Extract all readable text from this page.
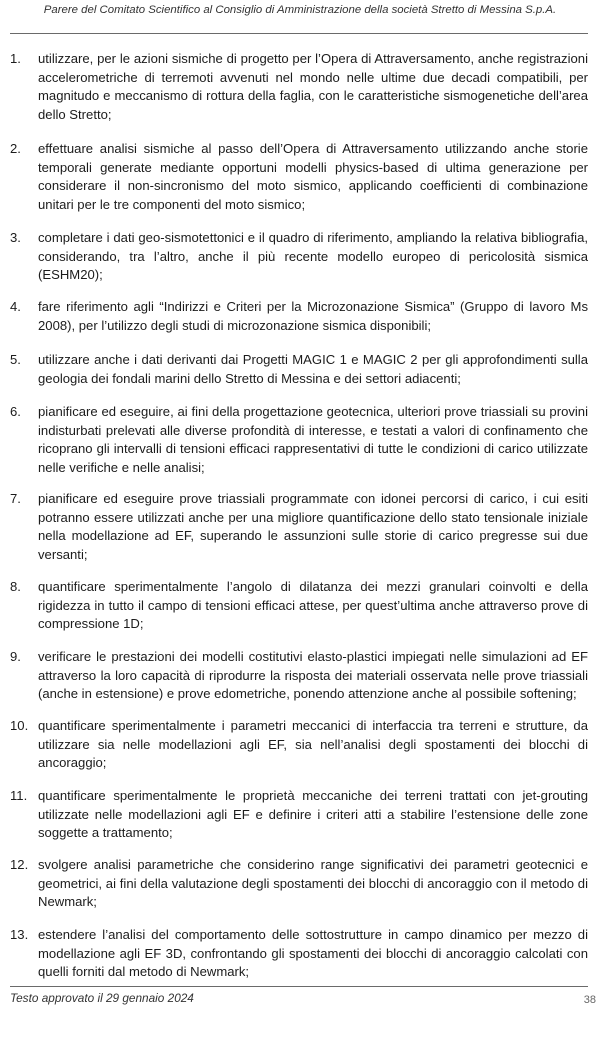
Parere del Comitato Scientifico al Consiglio di Amministrazione della società Stretto di Messina S.p.A.
1.	utilizzare, per le azioni sismiche di progetto per l’Opera di Attraversamento, anche registrazioni accelerometriche di terremoti avvenuti nel mondo nelle ultime due decadi compatibili, per magnitudo e meccanismo di rottura della faglia, con le caratteristiche sismogenetiche dell’area dello Stretto;
2.	effettuare analisi sismiche al passo dell’Opera di Attraversamento utilizzando anche storie temporali generate mediante opportuni modelli physics-based di ultima generazione per considerare il non-sincronismo del moto sismico, applicando coefficienti di combinazione unitari per le tre componenti del moto sismico;
3.	completare i dati geo-sismotettonici e il quadro di riferimento, ampliando la relativa bibliografia, considerando, tra l’altro, anche il più recente modello europeo di pericolosità sismica (ESHM20);
4.	fare riferimento agli “Indirizzi e Criteri per la Microzonazione Sismica” (Gruppo di lavoro Ms 2008), per l’utilizzo degli studi di microzonazione sismica disponibili;
5.	utilizzare anche i dati derivanti dai Progetti MAGIC 1 e MAGIC 2 per gli approfondimenti sulla geologia dei fondali marini dello Stretto di Messina e dei settori adiacenti;
6.	pianificare ed eseguire, ai fini della progettazione geotecnica, ulteriori prove triassiali su provini indisturbati prelevati alle diverse profondità di interesse, e testati a valori di confinamento che ricoprano gli intervalli di tensioni efficaci rappresentativi di tutte le condizioni di carico utilizzate nelle verifiche e nelle analisi;
7.	pianificare ed eseguire prove triassiali programmate con idonei percorsi di carico, i cui esiti potranno essere utilizzati anche per una migliore quantificazione dello stato tensionale iniziale nella modellazione ad EF, superando le assunzioni sulle storie di carico pregresse sui due versanti;
8.	quantificare sperimentalmente l’angolo di dilatanza dei mezzi granulari coinvolti e della rigidezza in tutto il campo di tensioni efficaci attese, per quest’ultima anche attraverso prove di compressione 1D;
9.	verificare le prestazioni dei modelli costitutivi elasto-plastici impiegati nelle simulazioni ad EF attraverso la loro capacità di riprodurre la risposta dei materiali osservata nelle prove triassiali (anche in estensione) e prove edometriche, ponendo attenzione anche al possibile softening;
10. quantificare sperimentalmente i parametri meccanici di interfaccia tra terreni e strutture, da utilizzare sia nelle modellazioni agli EF, sia nell’analisi degli spostamenti dei blocchi di ancoraggio;
11. quantificare sperimentalmente le proprietà meccaniche dei terreni trattati con jet-grouting utilizzate nelle modellazioni agli EF e definire i criteri atti a stabilire l’estensione delle zone soggette a trattamento;
12. svolgere analisi parametriche che considerino range significativi dei parametri geotecnici e geometrici, ai fini della valutazione degli spostamenti dei blocchi di ancoraggio con il metodo di Newmark;
13. estendere l’analisi del comportamento delle sottostrutture in campo dinamico per mezzo di modellazione agli EF 3D, confrontando gli spostamenti dei blocchi di ancoraggio calcolati con quelli forniti dal metodo di Newmark;
Testo approvato il 29 gennaio 2024	38
